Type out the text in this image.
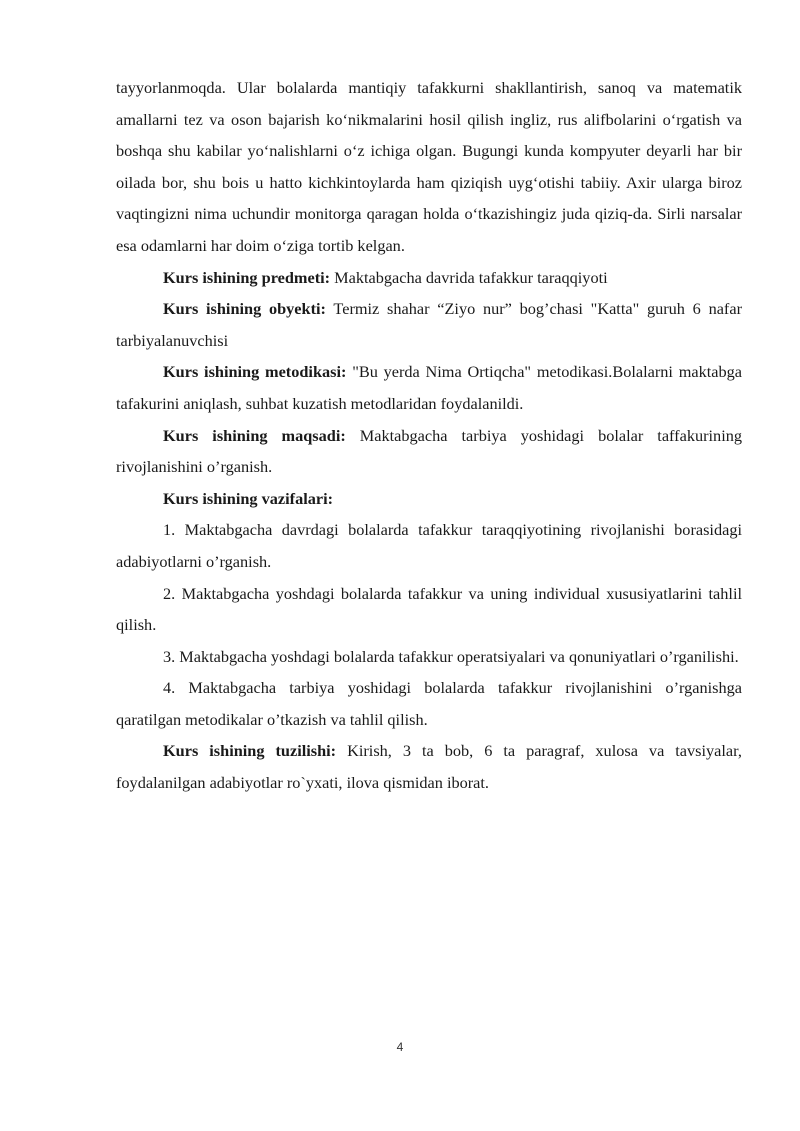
tayyorlanmoqda. Ular bolalarda mantiqiy tafakkurni shakllantirish, sanoq va matematik amallarni tez va oson bajarish ko‘nikmalarini hosil qilish ingliz, rus alifbolarini o‘rgatish va boshqa shu kabilar yo‘nalishlarni o‘z ichiga olgan. Bugungi kunda kompyuter deyarli har bir oilada bor, shu bois u hatto kichkintoylarda ham qiziqish uyg‘otishi tabiiy. Axir ularga biroz vaqtingizni nima uchundir monitorga qaragan holda o‘tkazishingiz juda qiziq-da. Sirli narsalar esa odamlarni har doim o‘ziga tortib kelgan.

Kurs ishining predmeti: Maktabgacha davrida tafakkur taraqqiyoti

Kurs ishining obyekti: Termiz shahar “Ziyo nur” bog’chasi "Katta" guruh 6 nafar tarbiyalanuvchisi

Kurs ishining metodikasi: "Bu yerda Nima Ortiqcha" metodikasi.Bolalarni maktabga tafakurini aniqlash, suhbat kuzatish metodlaridan foydalanildi.

Kurs ishining maqsadi: Maktabgacha tarbiya yoshidagi bolalar taffakurining rivojlanishini o’rganish.

Kurs ishining vazifalari:

1. Maktabgacha davrdagi bolalarda tafakkur taraqqiyotining rivojlanishi borasidagi adabiyotlarni o’rganish.

2. Maktabgacha yoshdagi bolalarda tafakkur va uning individual xususiyatlarini tahlil qilish.

3. Maktabgacha yoshdagi bolalarda tafakkur operatsiyalari va qonuniyatlari o’rganilishi.

4. Maktabgacha tarbiya yoshidagi bolalarda tafakkur rivojlanishini o’rganishga qaratilgan metodikalar o’tkazish va tahlil qilish.

Kurs ishining tuzilishi: Kirish, 3 ta bob, 6 ta paragraf, xulosa va tavsiyalar, foydalanilgan adabiyotlar ro`yxati, ilova qismidan iborat.

4
